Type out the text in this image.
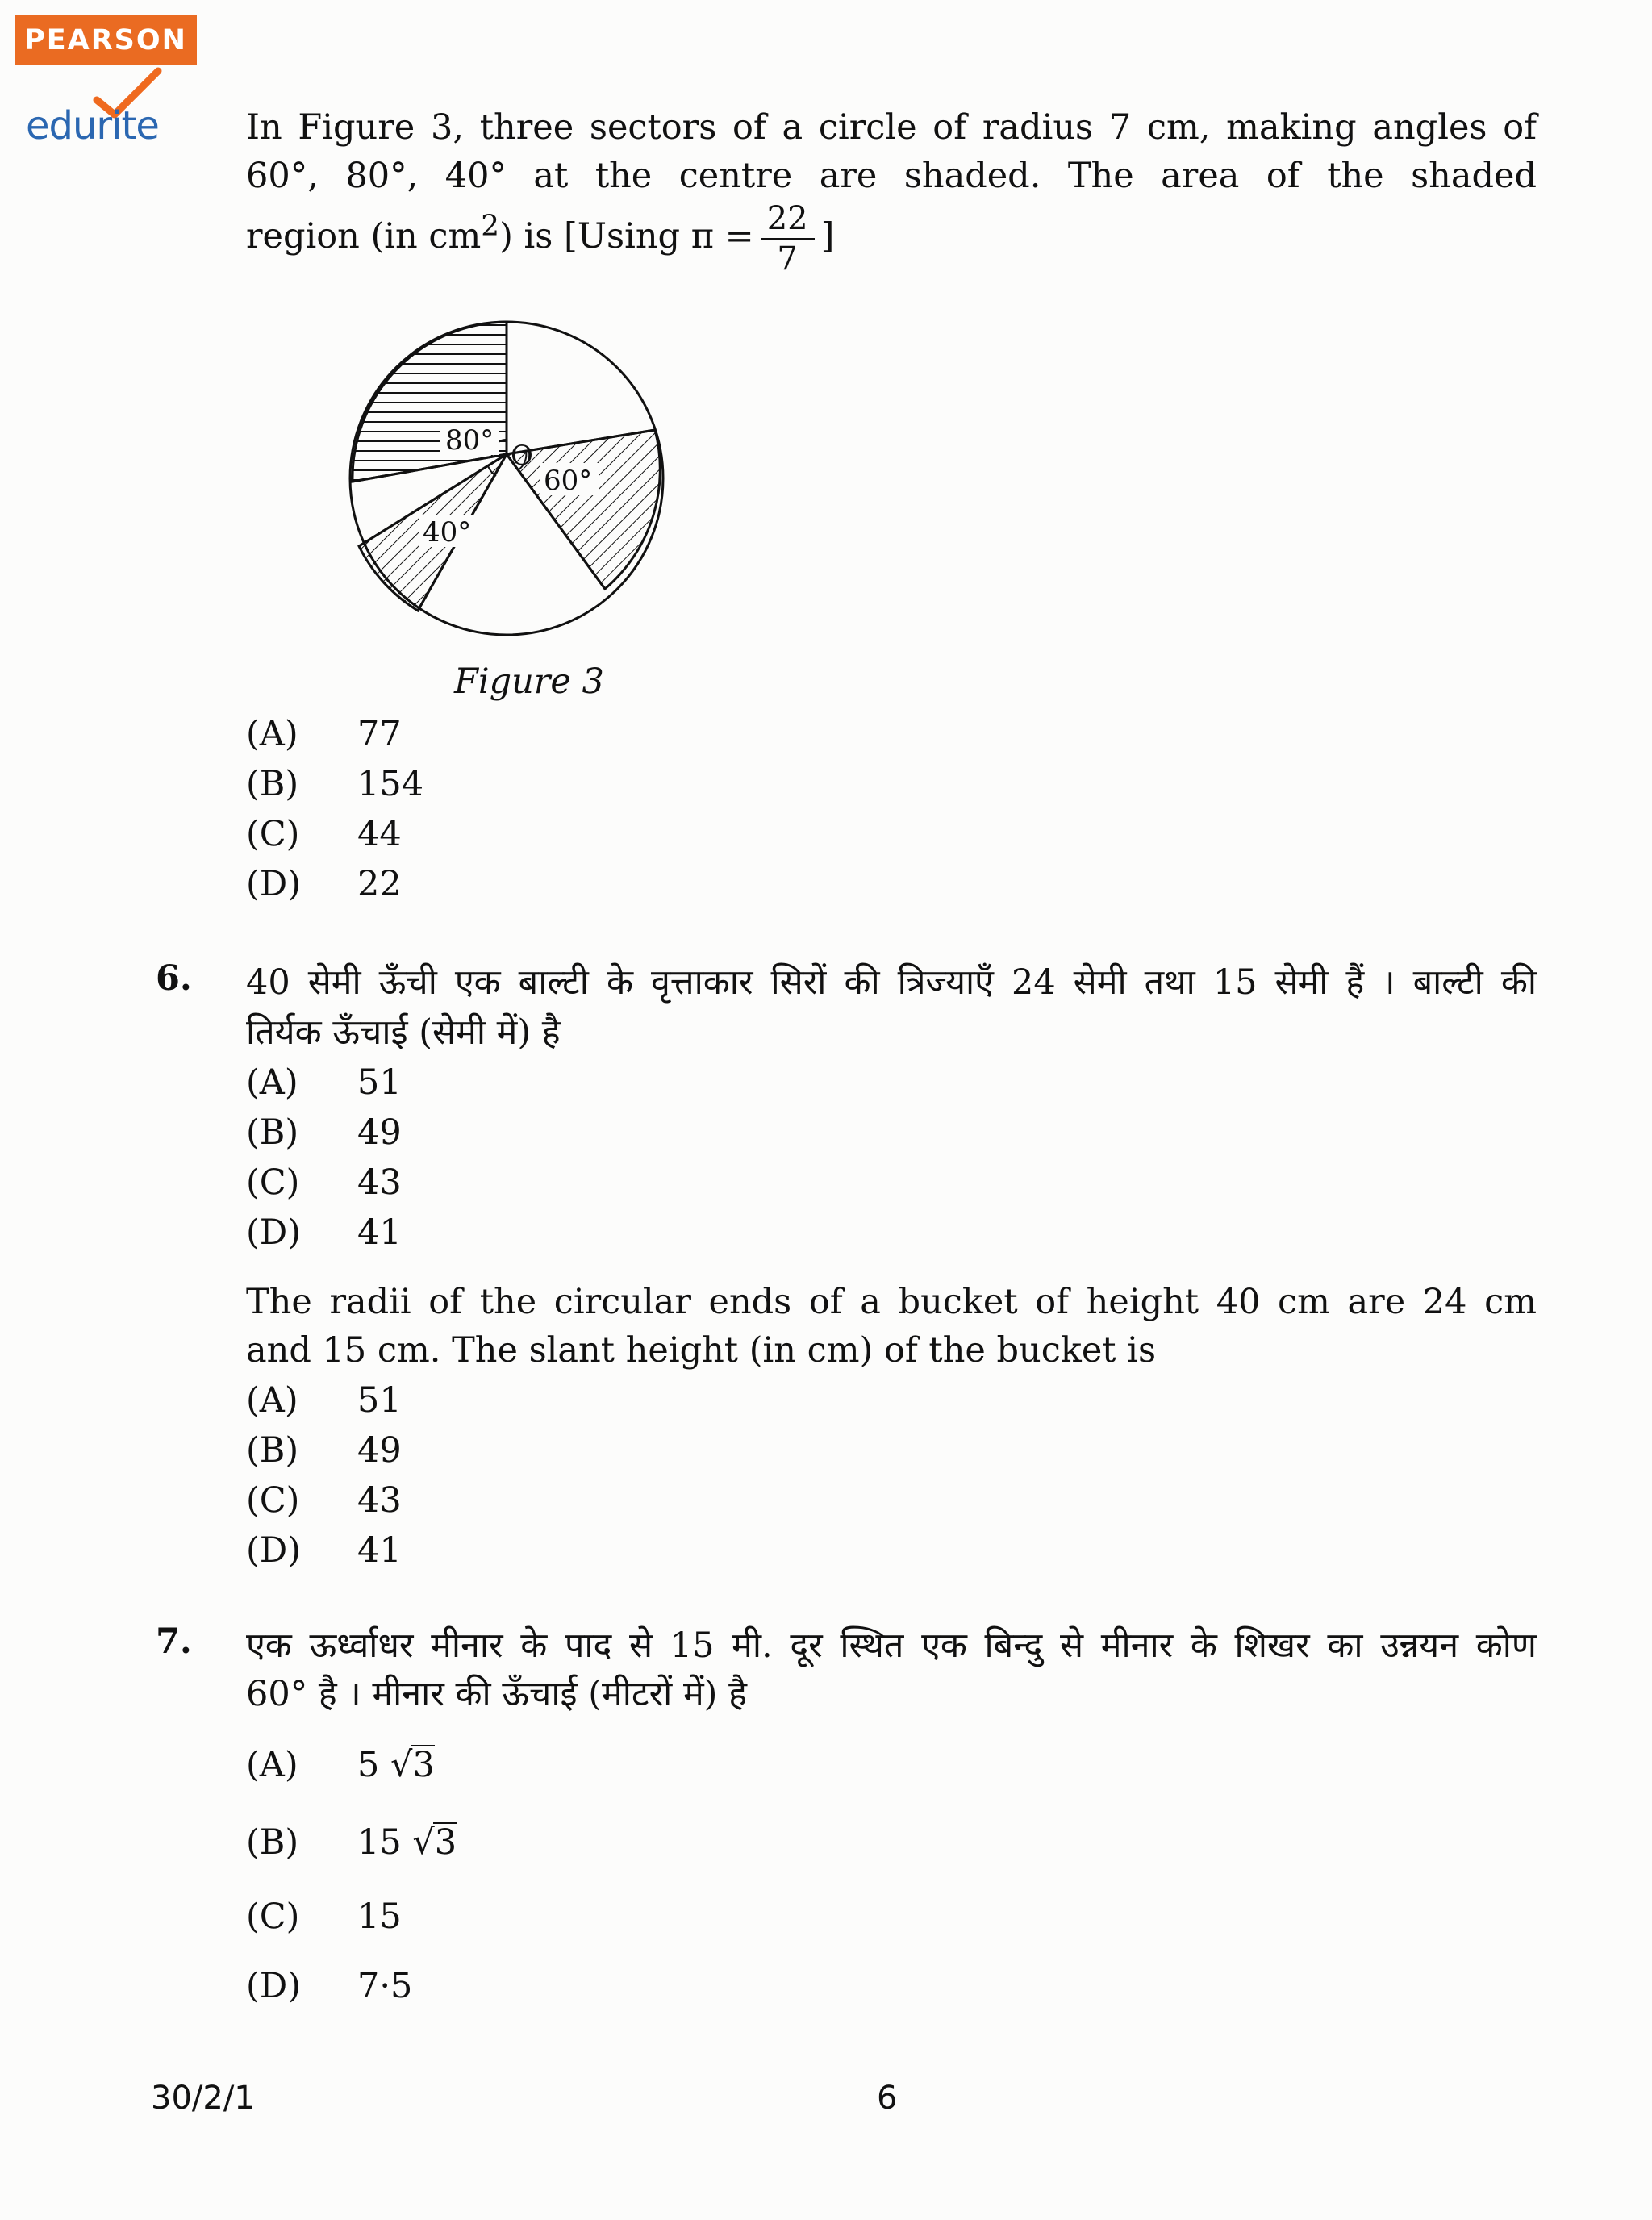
PEARSON
edurite	In Figure 3, three sectors of a circle of radius 7 cm, making angles of
60°, 80°, 40° at the centre are shaded. The area of the shaded
region (in $cm^2$) is [Using $\pi = \frac{22}{7}$ ]
80° O
60°
40°
Figure 3
(A)	77
(B)	154
(C)	44
(D)	22
6. 40 सेमी ऊँची एक बाल्टी के वृत्ताकार सिरों की त्रिज्याएँ 24 सेमी तथा 15 सेमी हैं । बाल्टी की
तिर्यक ऊँचाई (सेमी में) है
(A)	51
(B)	49
(C)	43
(D)	41
The radii of the circular ends of a bucket of height 40 cm are 24 cm
and 15 cm. The slant height (in cm) of the bucket is
(A)	51
(B)	49
(C)	43
(D)	41
7. एक ऊर्ध्वाधर मीनार के पाद से 15 मी. दूर स्थित एक बिन्दु से मीनार के शिखर का उन्नयन कोण
60° है । मीनार की ऊँचाई (मीटरों में) है
(A)	5 √3
(B)	15 √3
(C)	15
(D)	7·5
30/2/1	6
